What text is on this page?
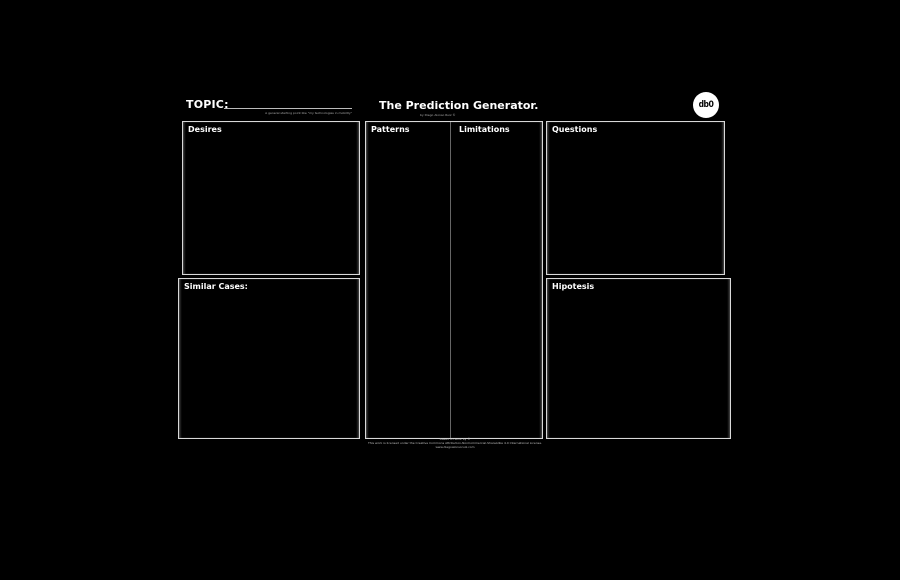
TOPIC:
A general starting point like "my technologies in mobility"
The Prediction Generator.
by Diego Alonso Ruiz ©
dbO
Desires	Patterns	Limitations	Questions
Similar Cases:	Hipotesis
Based on work by ©
This work is licensed under the Creative Commons Attribution-NonCommercial-ShareAlike 4.0 International License.
www.diegoalonsoruiz.com
